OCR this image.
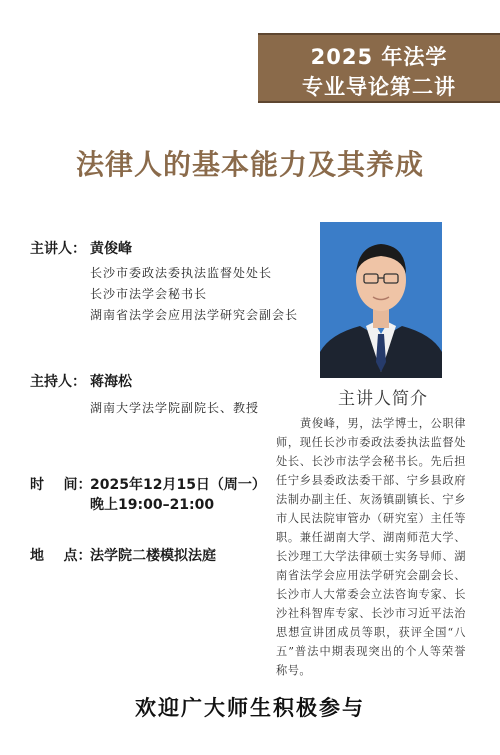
2025 年法学
专业导论第二讲
法律人的基本能力及其养成
主讲人： 黄俊峰
长沙市委政法委执法监督处处长
长沙市法学会秘书长
湖南省法学会应用法学研究会副会长
主持人： 蒋海松
湖南大学法学院副院长、教授
时    间：
2025年12月15日（周一）
晚上19:00–21:00
地    点：
法学院二楼模拟法庭
主讲人简介
黄俊峰，男，法学博士，公职律师，现任长沙市委政法委执法监督处处长、长沙市法学会秘书长。先后担任宁乡县委政法委干部、宁乡县政府法制办副主任、灰汤镇副镇长、宁乡市人民法院审管办（研究室）主任等职。兼任湖南大学、湖南师范大学、长沙理工大学法律硕士实务导师、湖南省法学会应用法学研究会副会长、长沙市人大常委会立法咨询专家、长沙社科智库专家、长沙市习近平法治思想宣讲团成员等职，获评全国“八五”普法中期表现突出的个人等荣誉称号。
欢迎广大师生积极参与
